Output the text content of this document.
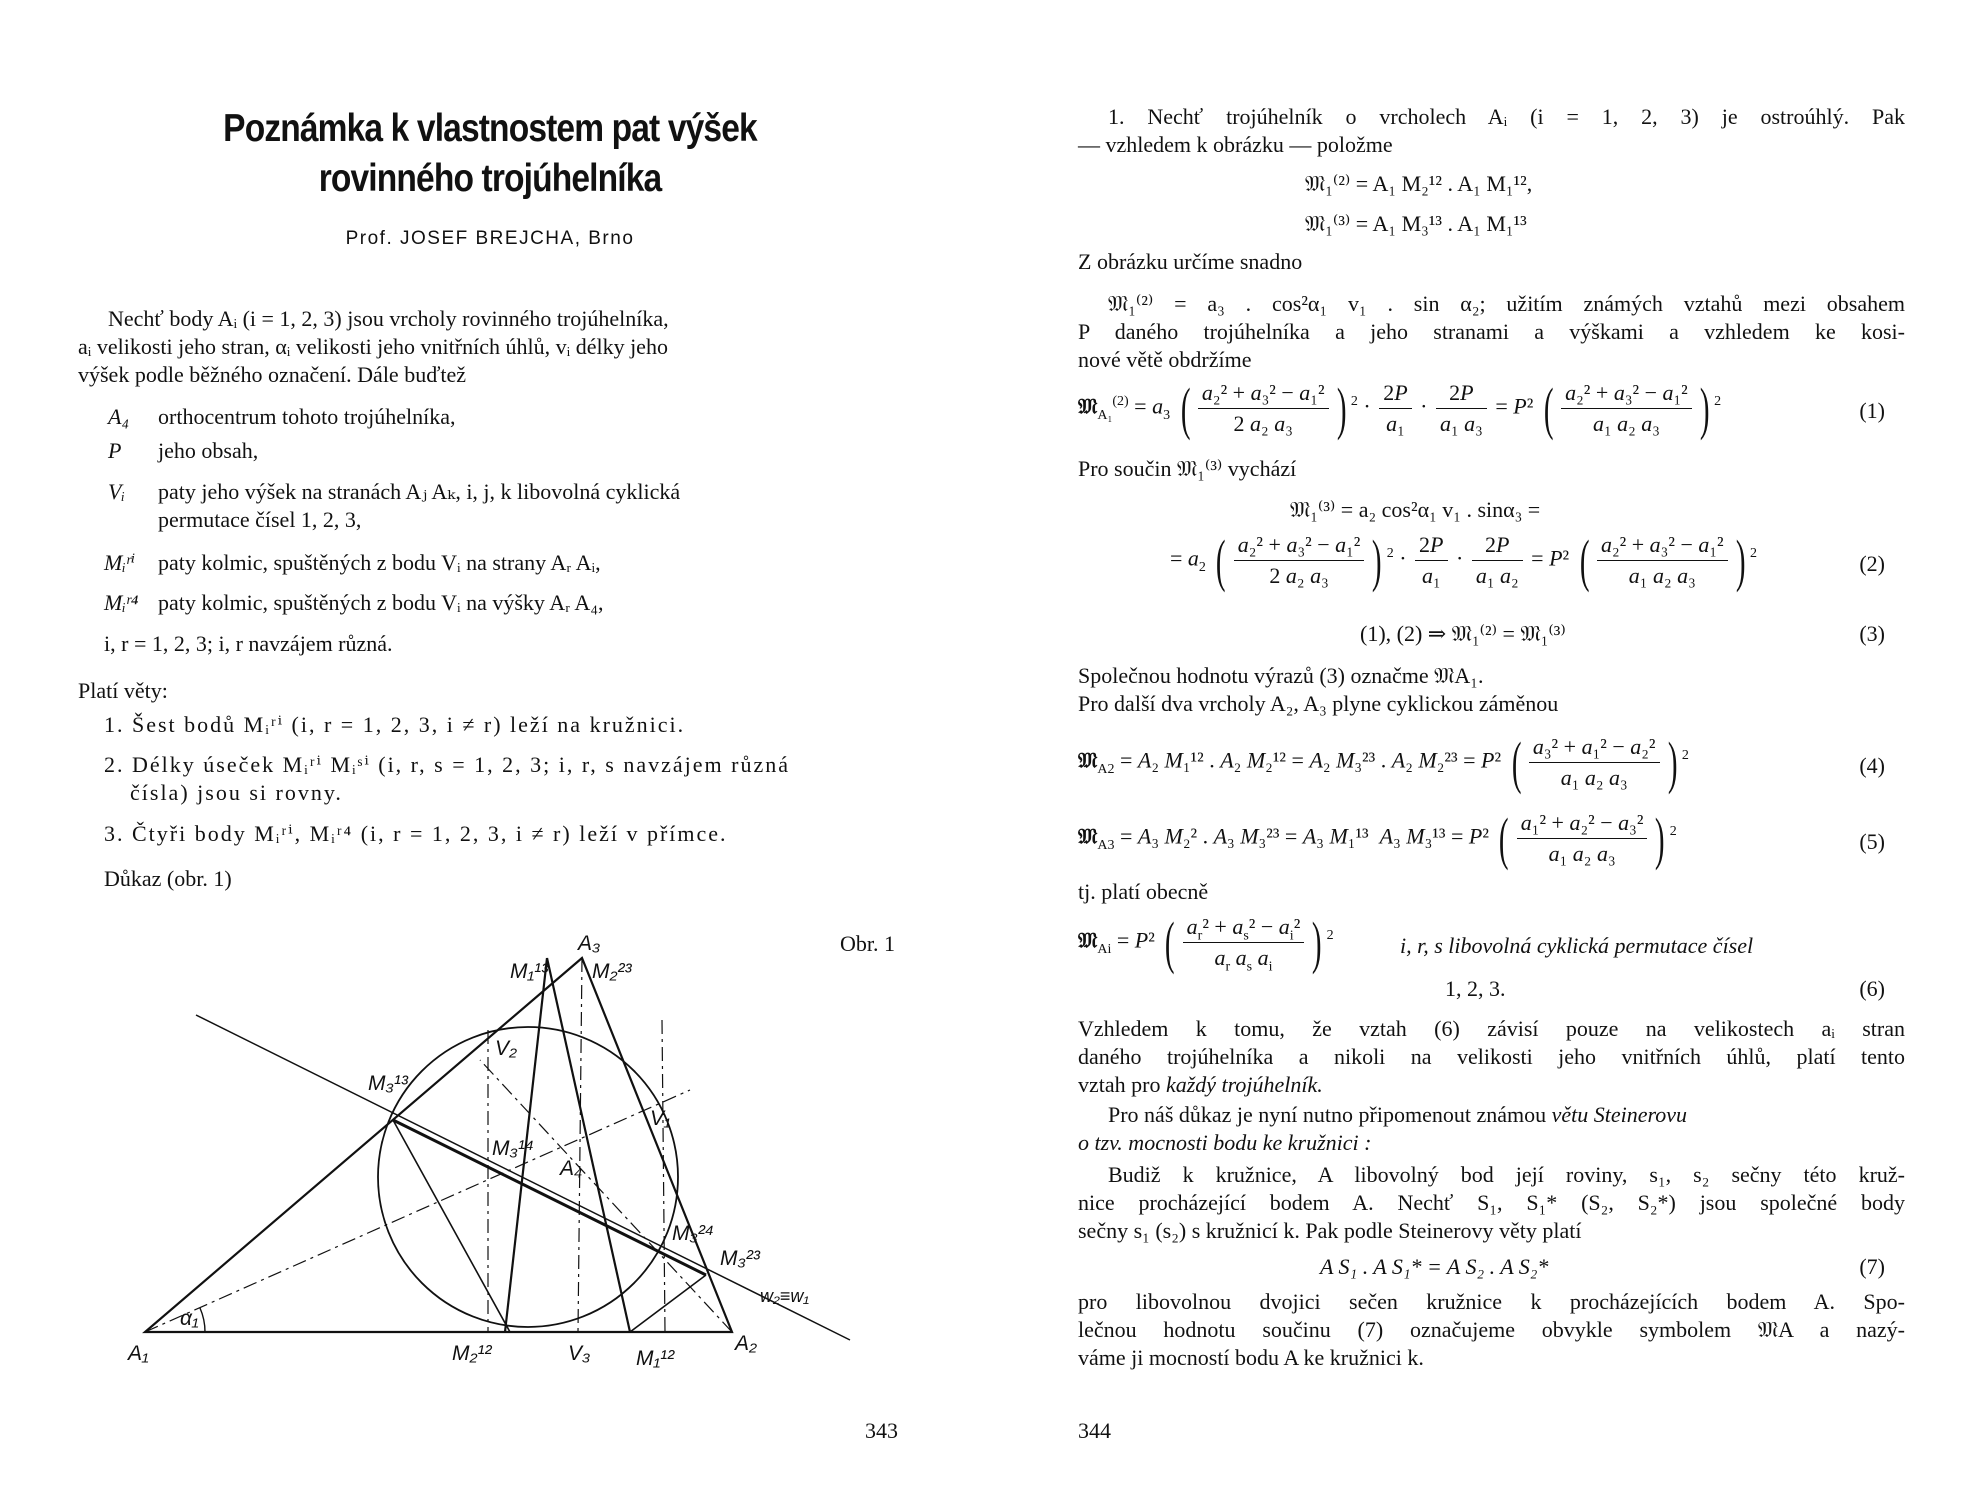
Poznámka k vlastnostem pat výšek
rovinného trojúhelníka
Prof. JOSEF BREJCHA, Brno
Nechť body Aᵢ (i = 1, 2, 3) jsou vrcholy rovinného trojúhelníka,
aᵢ velikosti jeho stran, αᵢ velikosti jeho vnitřních úhlů, vᵢ délky jeho
výšek podle běžného označení. Dále buďtež
A₄ orthocentrum tohoto trojúhelníka,
P jeho obsah,
Vᵢ paty jeho výšek na stranách Aⱼ Aₖ, i, j, k libovolná cyklická
permutace čísel 1, 2, 3,
Mᵢʳⁱ paty kolmic, spuštěných z bodu Vᵢ na strany Aᵣ Aᵢ,
Mᵢʳ⁴ paty kolmic, spuštěných z bodu Vᵢ na výšky Aᵣ A₄,
i, r = 1, 2, 3; i, r navzájem různá.
Platí věty:
1. Šest bodů Mᵢʳⁱ (i, r = 1, 2, 3, i ≠ r) leží na kružnici.
2. Délky úseček Mᵢʳⁱ Mᵢˢⁱ (i, r, s = 1, 2, 3; i, r, s navzájem různá
čísla) jsou si rovny.
3. Čtyři body Mᵢʳⁱ, Mᵢʳ⁴ (i, r = 1, 2, 3, i ≠ r) leží v přímce.
Důkaz (obr. 1)
Obr. 1
A₁	A₂
A₃
A₄
V₁
V₂
V₃
M₁¹³ M₂²³
M₃¹³
M₃¹⁴
M₃²⁴
M₃²³
M₂¹²	M₁¹²
α₁
w₂≡w₁
343
1. Nechť trojúhelník o vrcholech Aᵢ (i = 1, 2, 3) je ostroúhlý. Pak
— vzhledem k obrázku — položme
𝔐₁⁽²⁾ = A₁ M₂¹² . A₁ M₁¹²,
𝔐₁⁽³⁾ = A₁ M₃¹³ . A₁ M₁¹³
Z obrázku určíme snadno
𝔐₁⁽²⁾ = a₃ . cos²α₁ v₁ . sin α₂; užitím známých vztahů mezi obsahem
P daného trojúhelníka a jeho stranami a výškami a vzhledem ke kosi-
nové větě obdržíme
𝔐$_{A_1}^{(2)}$ = $a_3$ ( $\frac{\text{a₂² + a₃² − a₁²}}{\text{2 a₂ a₃}}$ ) $^2 \cdot \frac{2P}{\text{a₁}} \cdot \frac{2P}{\text{a₁ a₃}} = P^2$ ( $\frac{\text{a₂² + a₃² − a₁²}}{\text{a₁ a₂ a₃}}$ ) $^2$	(1)
Pro součin 𝔐₁⁽³⁾ vychází
𝔐₁⁽³⁾ = a₂ cos²α₁ v₁ . sinα₃ =
= $a_2$ ( $\frac{\text{a₂² + a₃² − a₁²}}{\text{2 a₂ a₃}}$ ) $^2 \cdot \frac{2P}{\text{a₁}} \cdot \frac{2P}{\text{a₁ a₂}} = P^2$ ( $\frac{\text{a₂² + a₃² − a₁²}}{\text{a₁ a₂ a₃}}$ ) $^2$	(2)
(1), (2) ⇒ 𝔐₁⁽²⁾ = 𝔐₁⁽³⁾	(3)
Společnou hodnotu výrazů (3) označme 𝔐A₁.
Pro další dva vrcholy A₂, A₃ plyne cyklickou záměnou
𝔐$_{A2}$ = A₂ M₁¹² . A₂ M₂¹² = A₂ M₃²³ . A₂ M₂²³ = P² ( $\frac{\text{a₃² + a₁² − a₂²}}{\text{a₁ a₂ a₃}}$ ) $^2$	(4)
𝔐$_{A3}$ = A₃ M₂² . A₃ M₃²³ = A₃ M₁¹³  A₃ M₃¹³ = P² ( $\frac{\text{a₁² + a₂² − a₃²}}{\text{a₁ a₂ a₃}}$ ) $^2$	(5)
tj. platí obecně
𝔐$_{Ai}$ = P² ( $\frac{a_r^2 + a_s^2 - a_i^2}{a_r a_s a_i}$ ) $^2$	i, r, s libovolná cyklická permutace čísel
1, 2, 3.	(6)
Vzhledem k tomu, že vztah (6) závisí pouze na velikostech aᵢ stran
daného trojúhelníka a nikoli na velikosti jeho vnitřních úhlů, platí tento
vztah pro každý trojúhelník.
Pro náš důkaz je nyní nutno připomenout známou větu Steinerovu
o tzv. mocnosti bodu ke kružnici :
Budiž k kružnice, A libovolný bod její roviny, s₁, s₂ sečny této kruž-
nice procházející bodem A. Nechť S₁, S₁* (S₂, S₂*) jsou společné body
sečny s₁ (s₂) s kružnicí k. Pak podle Steinerovy věty platí
A S₁ . A S₁* = A S₂ . A S₂*	(7)
pro libovolnou dvojici sečen kružnice k procházejících bodem A. Spo-
lečnou hodnotu součinu (7) označujeme obvykle symbolem 𝔐A a nazý-
váme ji mocností bodu A ke kružnici k.
344
